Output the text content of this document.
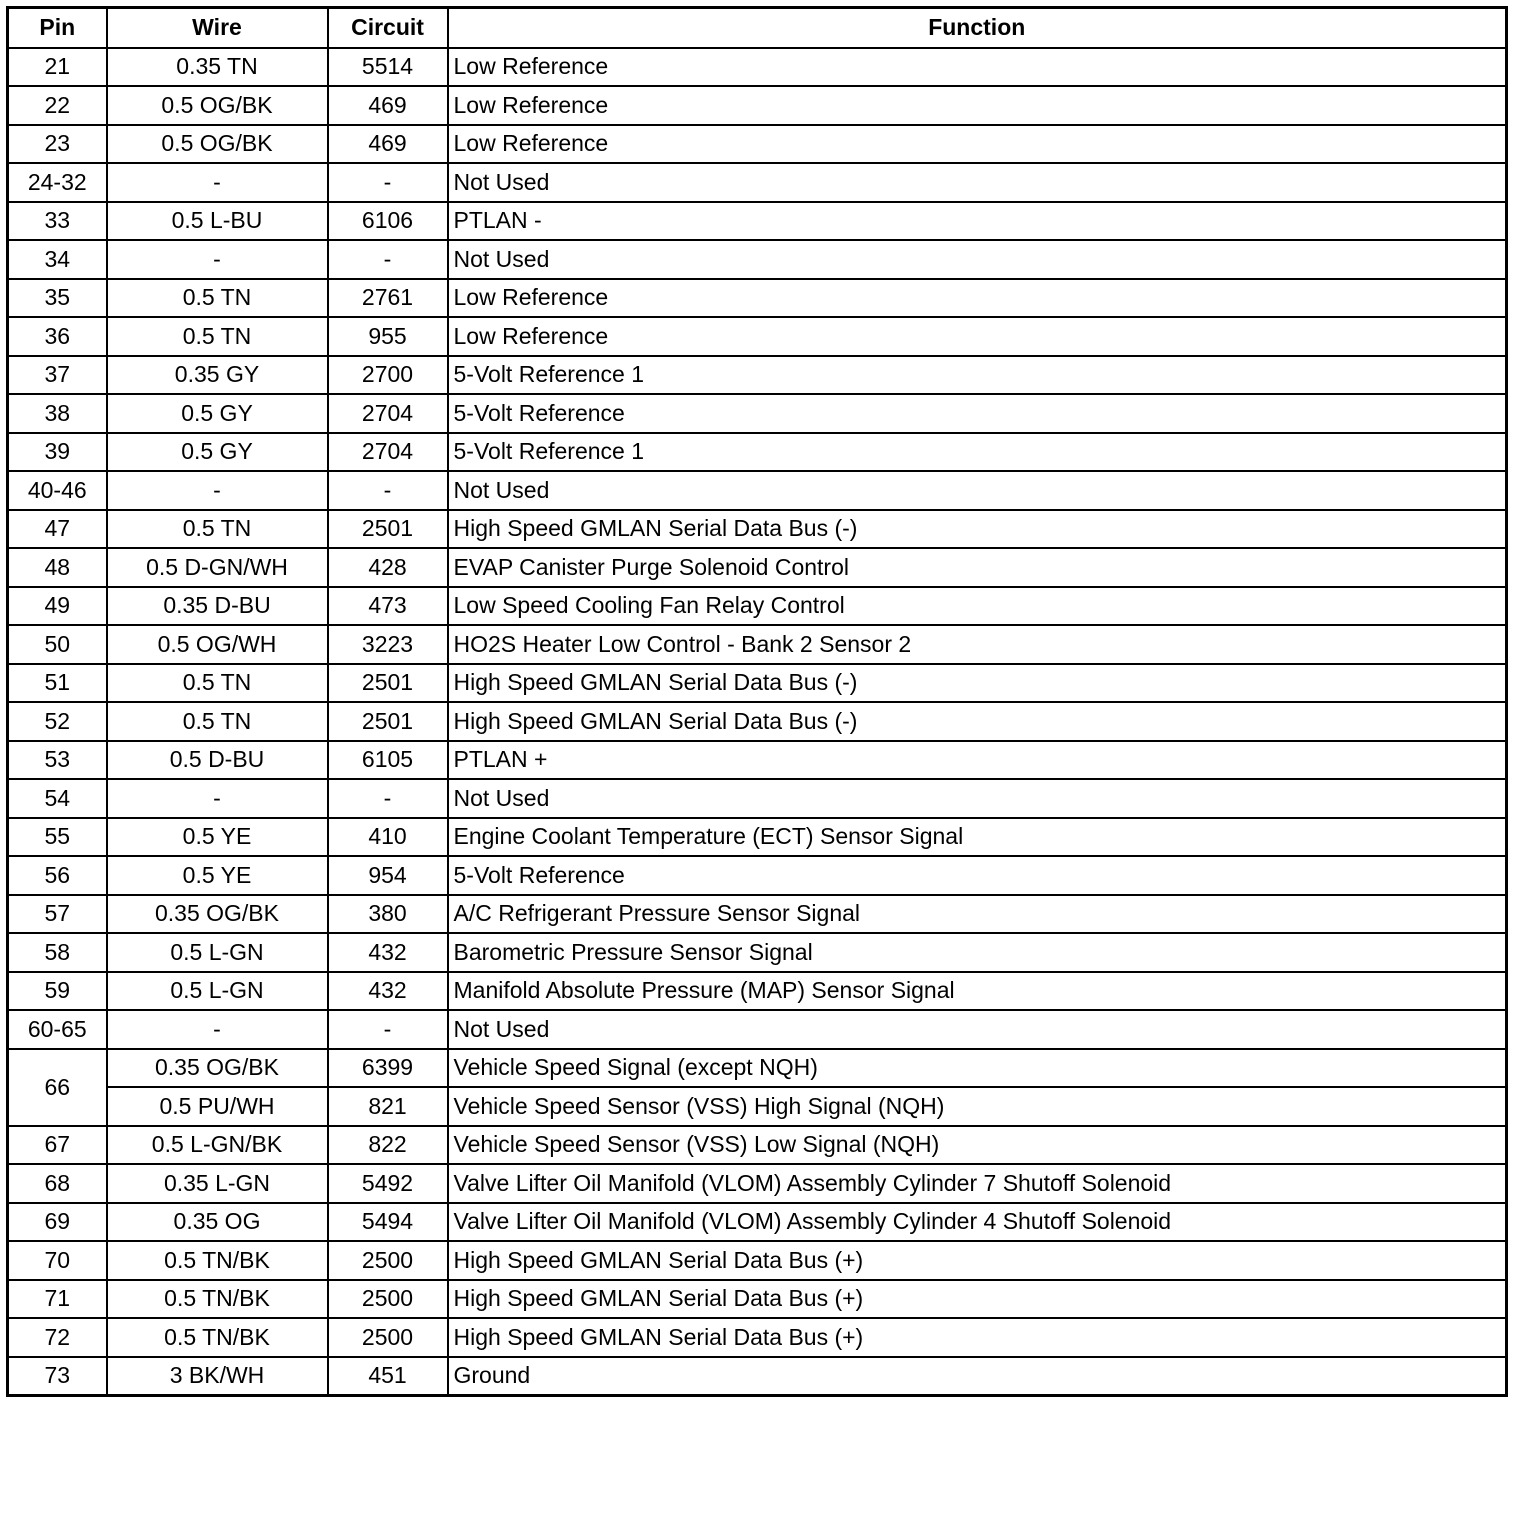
Pin	Wire	Circuit	Function
21	0.35 TN	5514	Low Reference
22	0.5 OG/BK	469	Low Reference
23	0.5 OG/BK	469	Low Reference
24-32	-	-	Not Used
33	0.5 L-BU	6106	PTLAN -
34	-	-	Not Used
35	0.5 TN	2761	Low Reference
36	0.5 TN	955	Low Reference
37	0.35 GY	2700	5-Volt Reference 1
38	0.5 GY	2704	5-Volt Reference
39	0.5 GY	2704	5-Volt Reference 1
40-46	-	-	Not Used
47	0.5 TN	2501	High Speed GMLAN Serial Data Bus (-)
48	0.5 D-GN/WH	428	EVAP Canister Purge Solenoid Control
49	0.35 D-BU	473	Low Speed Cooling Fan Relay Control
50	0.5 OG/WH	3223	HO2S Heater Low Control - Bank 2 Sensor 2
51	0.5 TN	2501	High Speed GMLAN Serial Data Bus (-)
52	0.5 TN	2501	High Speed GMLAN Serial Data Bus (-)
53	0.5 D-BU	6105	PTLAN +
54	-	-	Not Used
55	0.5 YE	410	Engine Coolant Temperature (ECT) Sensor Signal
56	0.5 YE	954	5-Volt Reference
57	0.35 OG/BK	380	A/C Refrigerant Pressure Sensor Signal
58	0.5 L-GN	432	Barometric Pressure Sensor Signal
59	0.5 L-GN	432	Manifold Absolute Pressure (MAP) Sensor Signal
60-65	-	-	Not Used
66	0.35 OG/BK	6399	Vehicle Speed Signal (except NQH)
	0.5 PU/WH	821	Vehicle Speed Sensor (VSS) High Signal (NQH)
67	0.5 L-GN/BK	822	Vehicle Speed Sensor (VSS) Low Signal (NQH)
68	0.35 L-GN	5492	Valve Lifter Oil Manifold (VLOM) Assembly Cylinder 7 Shutoff Solenoid
69	0.35 OG	5494	Valve Lifter Oil Manifold (VLOM) Assembly Cylinder 4 Shutoff Solenoid
70	0.5 TN/BK	2500	High Speed GMLAN Serial Data Bus (+)
71	0.5 TN/BK	2500	High Speed GMLAN Serial Data Bus (+)
72	0.5 TN/BK	2500	High Speed GMLAN Serial Data Bus (+)
73	3 BK/WH	451	Ground
